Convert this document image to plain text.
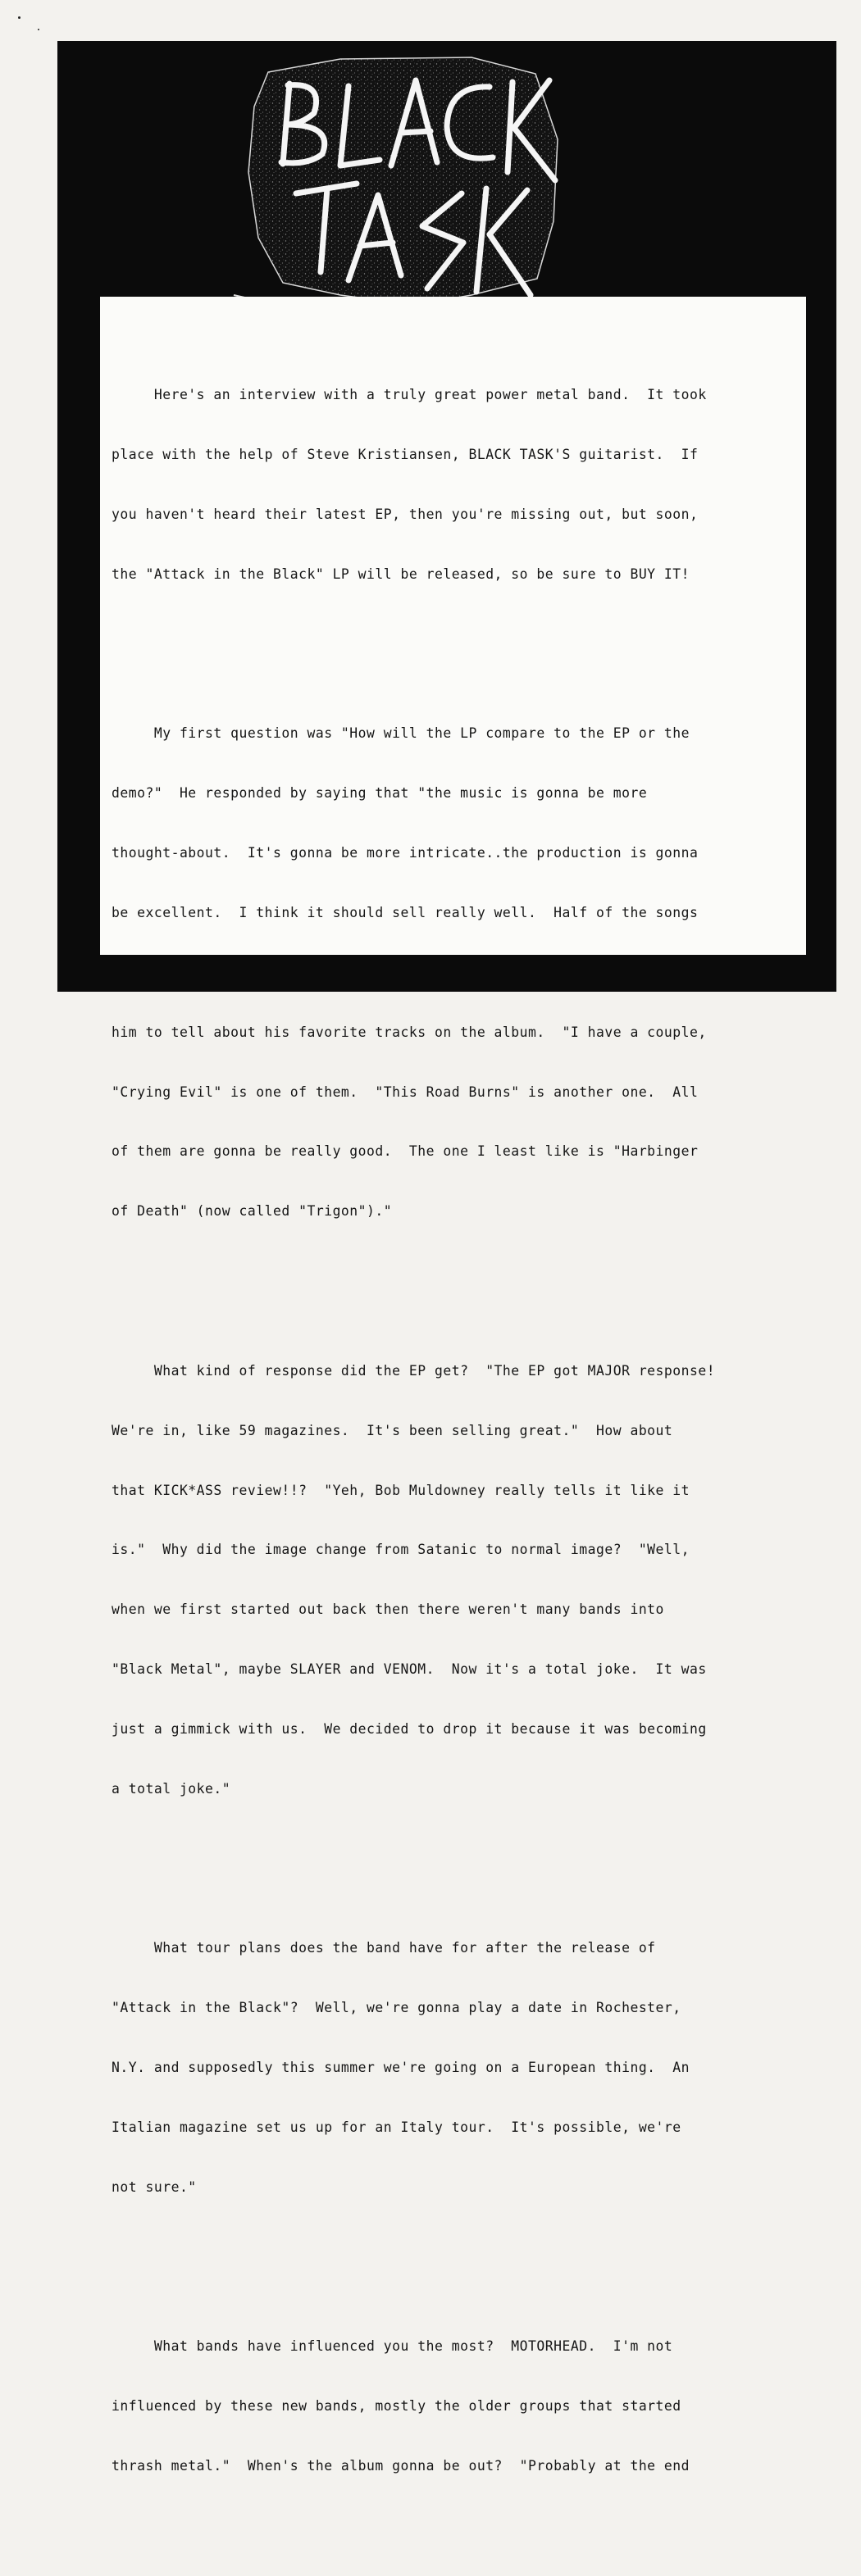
Here's an interview with a truly great power metal band.  It took

place with the help of Steve Kristiansen, BLACK TASK'S guitarist.  If

you haven't heard their latest EP, then you're missing out, but soon,

the "Attack in the Black" LP will be released, so be sure to BUY IT!

My first question was "How will the LP compare to the EP or the

demo?"  He responded by saying that "the music is gonna be more

thought-about.  It's gonna be more intricate..the production is gonna

be excellent.  I think it should sell really well.  Half of the songs

him to tell about his favorite tracks on the album.  "I have a couple,

"Crying Evil" is one of them.  "This Road Burns" is another one.  All

of them are gonna be really good.  The one I least like is "Harbinger

of Death" (now called "Trigon")."

What kind of response did the EP get?  "The EP got MAJOR response!

We're in, like 59 magazines.  It's been selling great."  How about

that KICK*ASS review!!?  "Yeh, Bob Muldowney really tells it like it

is."  Why did the image change from Satanic to normal image?  "Well,

when we first started out back then there weren't many bands into

"Black Metal", maybe SLAYER and VENOM.  Now it's a total joke.  It was

just a gimmick with us.  We decided to drop it because it was becoming

a total joke."

What tour plans does the band have for after the release of

"Attack in the Black"?  Well, we're gonna play a date in Rochester,

N.Y. and supposedly this summer we're going on a European thing.  An

Italian magazine set us up for an Italy tour.  It's possible, we're

not sure."

What bands have influenced you the most?  MOTORHEAD.  I'm not

influenced by these new bands, mostly the older groups that started

thrash metal."  When's the album gonna be out?  "Probably at the end
